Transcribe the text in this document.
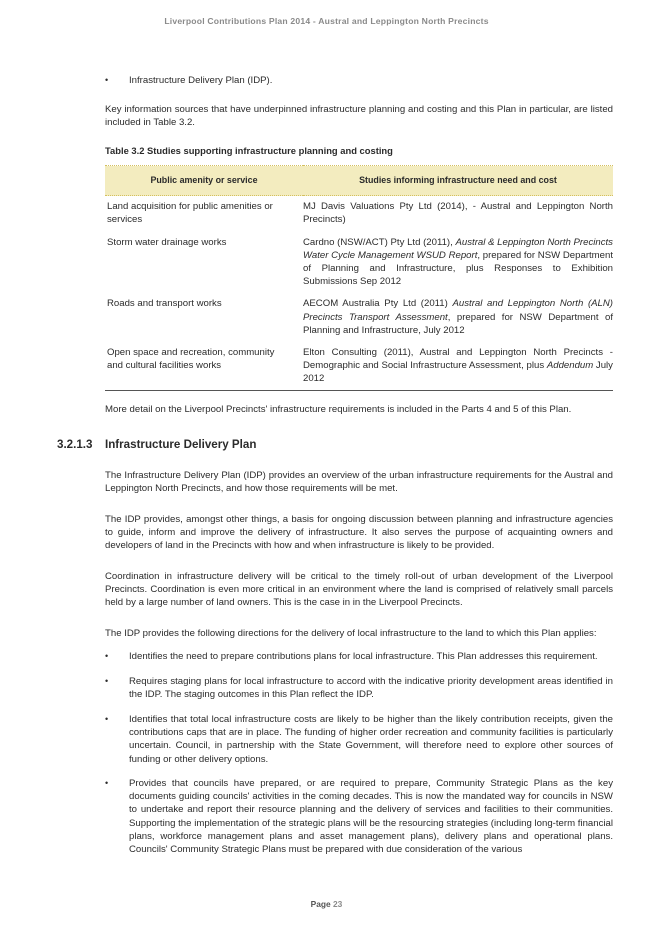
Liverpool Contributions Plan 2014 - Austral and Leppington North Precincts
• Infrastructure Delivery Plan (IDP).
Key information sources that have underpinned infrastructure planning and costing and this Plan in particular, are listed included in Table 3.2.
Table 3.2 Studies supporting infrastructure planning and costing
Public amenity or service	Studies informing infrastructure need and cost
Land acquisition for public amenities or services	MJ Davis Valuations Pty Ltd (2014), - Austral and Leppington North Precincts)
Storm water drainage works	Cardno (NSW/ACT) Pty Ltd (2011), Austral & Leppington North Precincts Water Cycle Management WSUD Report, prepared for NSW Department of Planning and Infrastructure, plus Responses to Exhibition Submissions Sep 2012
Roads and transport works	AECOM Australia Pty Ltd (2011) Austral and Leppington North (ALN) Precincts Transport Assessment, prepared for NSW Department of Planning and Infrastructure, July 2012
Open space and recreation, community and cultural facilities works	Elton Consulting (2011), Austral and Leppington North Precincts - Demographic and Social Infrastructure Assessment, plus Addendum July 2012
More detail on the Liverpool Precincts' infrastructure requirements is included in the Parts 4 and 5 of this Plan.
3.2.1.3 Infrastructure Delivery Plan
The Infrastructure Delivery Plan (IDP) provides an overview of the urban infrastructure requirements for the Austral and Leppington North Precincts, and how those requirements will be met.
The IDP provides, amongst other things, a basis for ongoing discussion between planning and infrastructure agencies to guide, inform and improve the delivery of infrastructure. It also serves the purpose of acquainting owners and developers of land in the Precincts with how and when infrastructure is likely to be provided.
Coordination in infrastructure delivery will be critical to the timely roll-out of urban development of the Liverpool Precincts. Coordination is even more critical in an environment where the land is comprised of relatively small parcels held by a large number of land owners. This is the case in in the Liverpool Precincts.
The IDP provides the following directions for the delivery of local infrastructure to the land to which this Plan applies:
• Identifies the need to prepare contributions plans for local infrastructure. This Plan addresses this requirement.
• Requires staging plans for local infrastructure to accord with the indicative priority development areas identified in the IDP. The staging outcomes in this Plan reflect the IDP.
• Identifies that total local infrastructure costs are likely to be higher than the likely contribution receipts, given the contributions caps that are in place. The funding of higher order recreation and community facilities is particularly uncertain. Council, in partnership with the State Government, will therefore need to explore other sources of funding or other delivery options.
• Provides that councils have prepared, or are required to prepare, Community Strategic Plans as the key documents guiding councils' activities in the coming decades. This is now the mandated way for councils in NSW to undertake and report their resource planning and the delivery of services and facilities to their communities. Supporting the implementation of the strategic plans will be the resourcing strategies (including long-term financial plans, workforce management plans and asset management plans), delivery plans and operational plans. Councils' Community Strategic Plans must be prepared with due consideration of the various
Page 23
